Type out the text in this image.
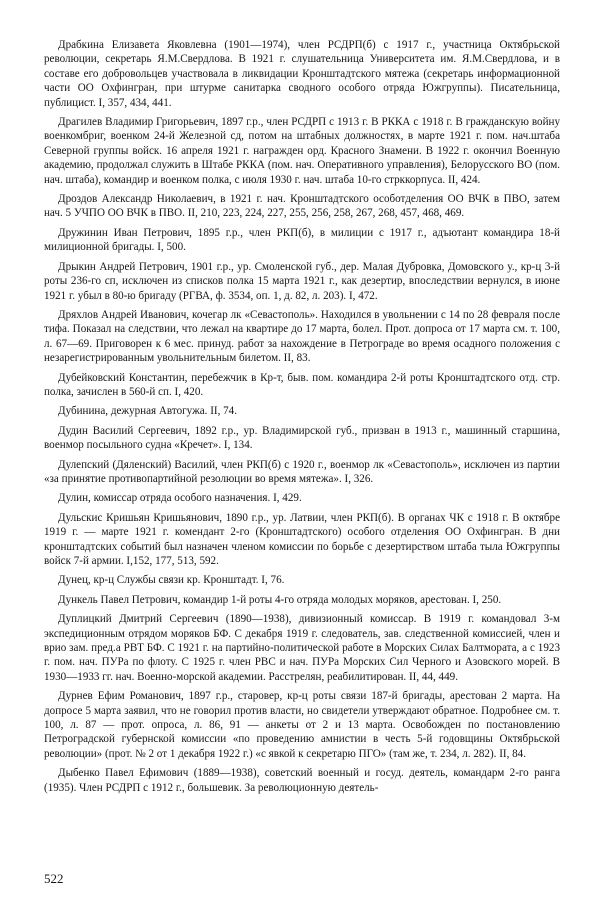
Драбкина Елизавета Яковлевна (1901—1974), член РСДРП(б) с 1917 г., участница Октябрьской революции, секретарь Я.М.Свердлова. В 1921 г. слушательница Университета им. Я.М.Свердлова, и в составе его добровольцев участвовала в ликвидации Кронштадтского мятежа (секретарь информационной части ОО Охфингран, при штурме санитарка сводного особого отряда Южгруппы). Писательница, публицист. I, 357, 434, 441.

Драгилев Владимир Григорьевич, 1897 г.р., член РСДРП с 1913 г. В РККА с 1918 г. В гражданскую войну военкомбриг, военком 24-й Железной сд, потом на штабных должностях, в марте 1921 г. пом. нач.штаба Северной группы войск. 16 апреля 1921 г. награжден орд. Красного Знамени. В 1922 г. окончил Военную академию, продолжал служить в Штабе РККА (пом. нач. Оперативного управления), Белорусского ВО (пом. нач. штаба), командир и военком полка, с июля 1930 г. нач. штаба 10-го стрккорпуса. II, 424.

Дроздов Александр Николаевич, в 1921 г. нач. Кронштадтского особотделения ОО ВЧК в ПВО, затем нач. 5 УЧПО ОО ВЧК в ПВО. II, 210, 223, 224, 227, 255, 256, 258, 267, 268, 457, 468, 469.

Дружинин Иван Петрович, 1895 г.р., член РКП(б), в милиции с 1917 г., адъютант командира 18-й милиционной бригады. I, 500.

Дрыкин Андрей Петрович, 1901 г.р., ур. Смоленской губ., дер. Малая Дубровка, Домовского у., кр-ц 3-й роты 236-го сп, исключен из списков полка 15 марта 1921 г., как дезертир, впоследствии вернулся, в июне 1921 г. убыл в 80-ю бригаду (РГВА, ф. 3534, оп. 1, д. 82, л. 203). I, 472.

Дряхлов Андрей Иванович, кочегар лк «Севастополь». Находился в увольнении с 14 по 28 февраля после тифа. Показал на следствии, что лежал на квартире до 17 марта, болел. Прот. допроса от 17 марта см. т. 100, л. 67—69. Приговорен к 6 мес. принуд. работ за нахождение в Петрограде во время осадного положения с незарегистрированным увольнительным билетом. II, 83.

Дубейковский Константин, перебежчик в Кр-т, быв. пом. командира 2-й роты Кронштадтского отд. стр. полка, зачислен в 560-й сп. I, 420.

Дубинина, дежурная Автогужа. II, 74.

Дудин Василий Сергеевич, 1892 г.р., ур. Владимирской губ., призван в 1913 г., машинный старшина, военмор посыльного судна «Кречет». I, 134.

Дулепский (Дяленский) Василий, член РКП(б) с 1920 г., военмор лк «Севастополь», исключен из партии «за принятие противопартийной резолюции во время мятежа». I, 326.

Дулин, комиссар отряда особого назначения. I, 429.

Дульскис Кришьян Кришьянович, 1890 г.р., ур. Латвии, член РКП(б). В органах ЧК с 1918 г. В октябре 1919 г. — марте 1921 г. комендант 2-го (Кронштадтского) особого отделения ОО Охфингран. В дни кронштадтских событий был назначен членом комиссии по борьбе с дезертирством штаба тыла Южгруппы войск 7-й армии. I,152, 177, 513, 592.

Дунец, кр-ц Службы связи кр. Кронштадт. I, 76.

Дункель Павел Петрович, командир 1-й роты 4-го отряда молодых моряков, арестован. I, 250.

Дуплицкий Дмитрий Сергеевич (1890—1938), дивизионный комиссар. В 1919 г. командовал 3-м экспедиционным отрядом моряков БФ. С декабря 1919 г. следователь, зав. следственной комиссией, член и врио зам. пред.а РВТ БФ. С 1921 г. на партийно-политической работе в Морских Силах Балтмората, а с 1923 г. пом. нач. ПУРа по флоту. С 1925 г. член РВС и нач. ПУРа Морских Сил Черного и Азовского морей. В 1930—1933 гг. нач. Военно-морской академии. Расстрелян, реабилитирован. II, 44, 449.

Дурнев Ефим Романович, 1897 г.р., старовер, кр-ц роты связи 187-й бригады, арестован 2 марта. На допросе 5 марта заявил, что не говорил против власти, но свидетели утверждают обратное. Подробнее см. т. 100, л. 87 — прот. опроса, л. 86, 91 — анкеты от 2 и 13 марта. Освобожден по постановлению Петроградской губернской комиссии «по проведению амнистии в честь 5-й годовщины Октябрьской революции» (прот. № 2 от 1 декабря 1922 г.) «с явкой к секретарю ПГО» (там же, т. 234, л. 282). II, 84.

Дыбенко Павел Ефимович (1889—1938), советский военный и госуд. деятель, командарм 2-го ранга (1935). Член РСДРП с 1912 г., большевик. За революционную деятель-

522
